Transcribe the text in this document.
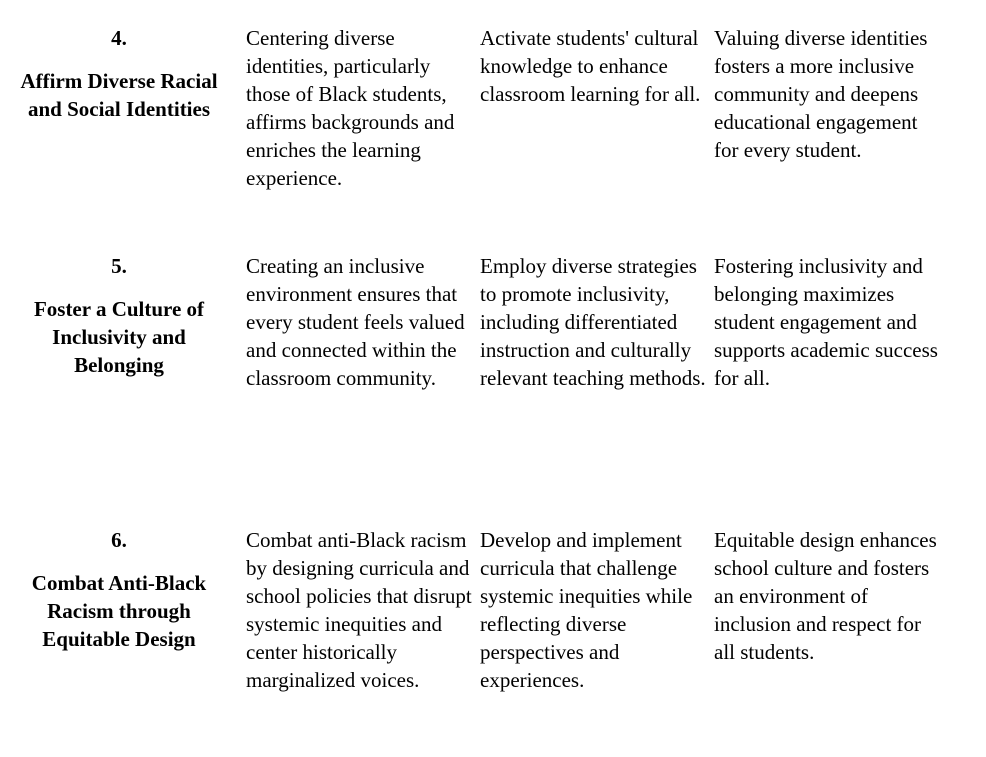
4.
Affirm Diverse Racial and Social Identities
Centering diverse identities, particularly those of Black students, affirms backgrounds and enriches the learning experience.
Activate students' cultural knowledge to enhance classroom learning for all.
Valuing diverse identities fosters a more inclusive community and deepens educational engagement for every student.
5.
Foster a Culture of Inclusivity and Belonging
Creating an inclusive environment ensures that every student feels valued and connected within the classroom community.
Employ diverse strategies to promote inclusivity, including differentiated instruction and culturally relevant teaching methods.
Fostering inclusivity and belonging maximizes student engagement and supports academic success for all.
6.
Combat Anti-Black Racism through Equitable Design
Combat anti-Black racism by designing curricula and school policies that disrupt systemic inequities and center historically marginalized voices.
Develop and implement curricula that challenge systemic inequities while reflecting diverse perspectives and experiences.
Equitable design enhances school culture and fosters an environment of inclusion and respect for all students.
